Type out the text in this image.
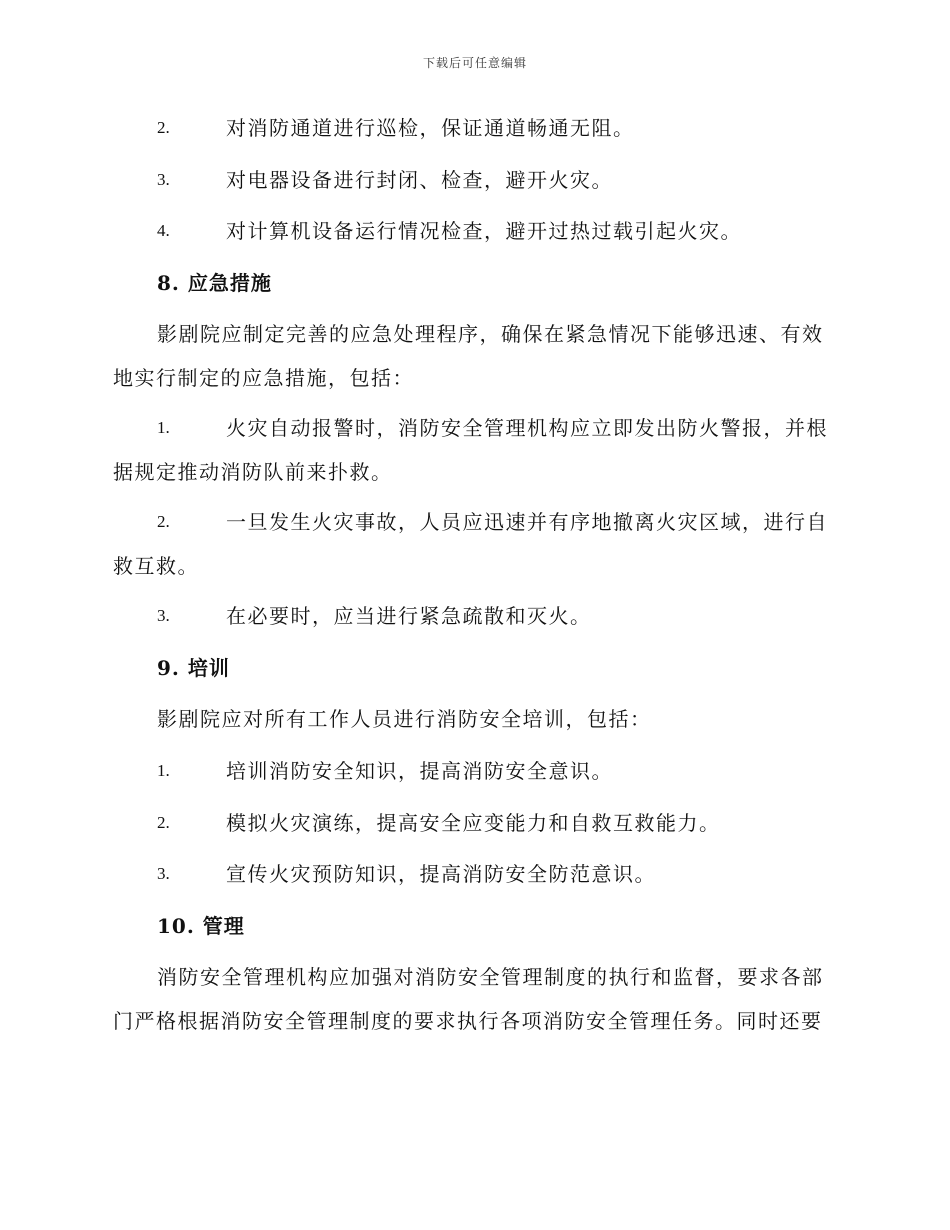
下载后可任意编辑
2.	对消防通道进行巡检，保证通道畅通无阻。
3.	对电器设备进行封闭、检查，避开火灾。
4.	对计算机设备运行情况检查，避开过热过载引起火灾。
8. 应急措施
影剧院应制定完善的应急处理程序，确保在紧急情况下能够迅速、有效
地实行制定的应急措施，包括：
1.	火灾自动报警时，消防安全管理机构应立即发出防火警报，并根
据规定推动消防队前来扑救。
2.	一旦发生火灾事故，人员应迅速并有序地撤离火灾区域，进行自
救互救。
3.	在必要时，应当进行紧急疏散和灭火。
9. 培训
影剧院应对所有工作人员进行消防安全培训，包括：
1.	培训消防安全知识，提高消防安全意识。
2.	模拟火灾演练，提高安全应变能力和自救互救能力。
3.	宣传火灾预防知识，提高消防安全防范意识。
10. 管理
消防安全管理机构应加强对消防安全管理制度的执行和监督，要求各部
门严格根据消防安全管理制度的要求执行各项消防安全管理任务。同时还要
